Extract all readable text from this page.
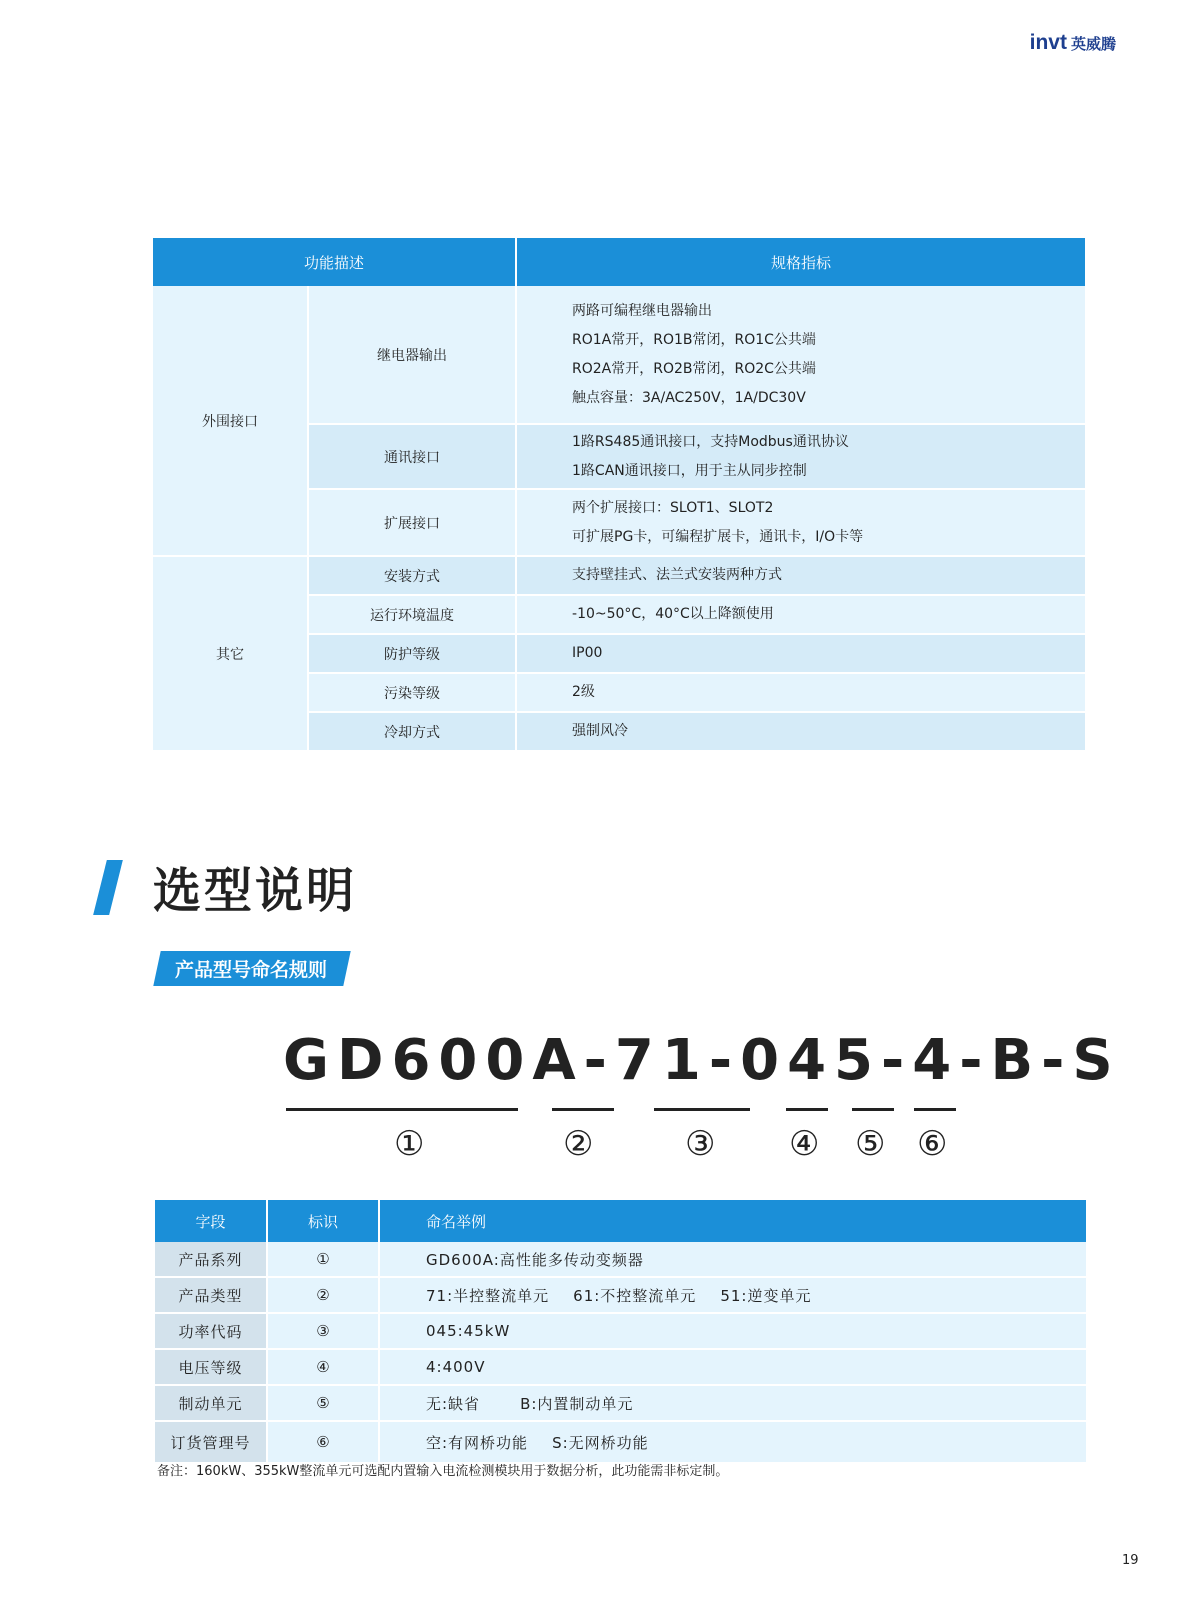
invt 英威腾
功能描述		规格指标
外围接口	继电器输出	两路可编程继电器输出
RO1A常开，RO1B常闭，RO1C公共端
RO2A常开，RO2B常闭，RO2C公共端
触点容量：3A/AC250V，1A/DC30V

	通讯接口	1路RS485通讯接口，支持Modbus通讯协议
1路CAN通讯接口，用于主从同步控制

	扩展接口	两个扩展接口：SLOT1、SLOT2
可扩展PG卡，可编程扩展卡，通讯卡，I/O卡等

其它	安装方式	支持壁挂式、法兰式安装两种方式
	运行环境温度	-10~50°C，40°C以上降额使用
	防护等级	IP00
	污染等级	2级
	冷却方式	强制风冷
选型说明
产品型号命名规则
GD600A-71-045-4-B-S
①	②	③ ④ ⑤ ⑥
字段	标识	命名举例
产品系列	①	GD600A:高性能多传动变频器
产品类型	②	71:半控整流单元 61:不控整流单元 51:逆变单元
功率代码	③	045:45kW
电压等级	④	4:400V
制动单元	⑤	无:缺省 B:内置制动单元
订货管理号	⑥	空:有网桥功能 S:无网桥功能
备注：160kW、355kW整流单元可选配内置输入电流检测模块用于数据分析，此功能需非标定制。
19
